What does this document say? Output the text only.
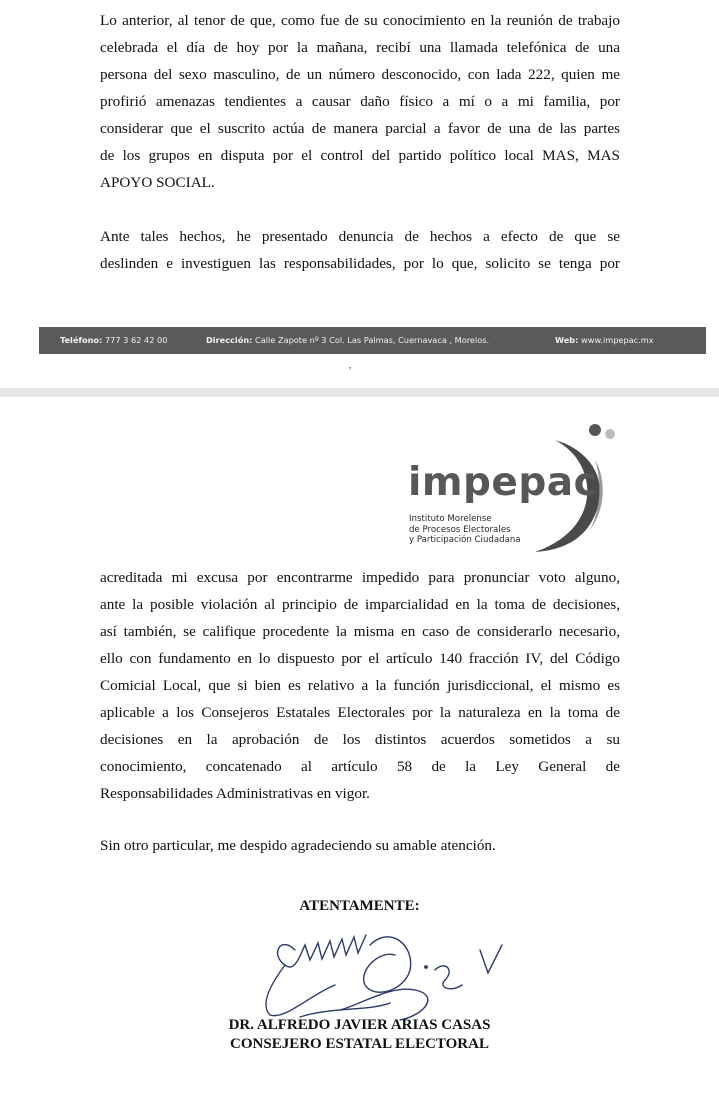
Lo anterior, al tenor de que, como fue de su conocimiento en la reunión de trabajo
celebrada el día de hoy por la mañana, recibí una llamada telefónica de una
persona del sexo masculino, de un número desconocido, con lada 222, quien me
profirió amenazas tendientes a causar daño físico a mí o a mi familia, por
considerar que el suscrito actúa de manera parcial a favor de una de las partes
de los grupos en disputa por el control del partido político local MAS, MAS
APOYO SOCIAL.

Ante tales hechos, he presentado denuncia de hechos a efecto de que se
deslinden e investiguen las responsabilidades, por lo que, solicito se tenga por

Teléfono: 777 3 62 42 00	Dirección: Calle Zapote nº 3 Col. Las Palmas, Cuernavaca , Morelos.	Web: www.impepac.mx
,
impepac
Instituto Morelense
de Procesos Electorales
y Participación Ciudadana

acreditada mi excusa por encontrarme impedido para pronunciar voto alguno,
ante la posible violación al principio de imparcialidad en la toma de decisiones,
así también, se califique procedente la misma en caso de considerarlo necesario,
ello con fundamento en lo dispuesto por el artículo 140 fracción IV, del Código
Comicial Local, que si bien es relativo a la función jurisdiccional, el mismo es
aplicable a los Consejeros Estatales Electorales por la naturaleza en la toma de
decisiones en la aprobación de los distintos acuerdos sometidos a su
conocimiento, concatenado al artículo 58 de la Ley General de
Responsabilidades Administrativas en vigor.

Sin otro particular, me despido agradeciendo su amable atención.

ATENTAMENTE:
DR. ALFREDO JAVIER ARIAS CASAS
CONSEJERO ESTATAL ELECTORAL
